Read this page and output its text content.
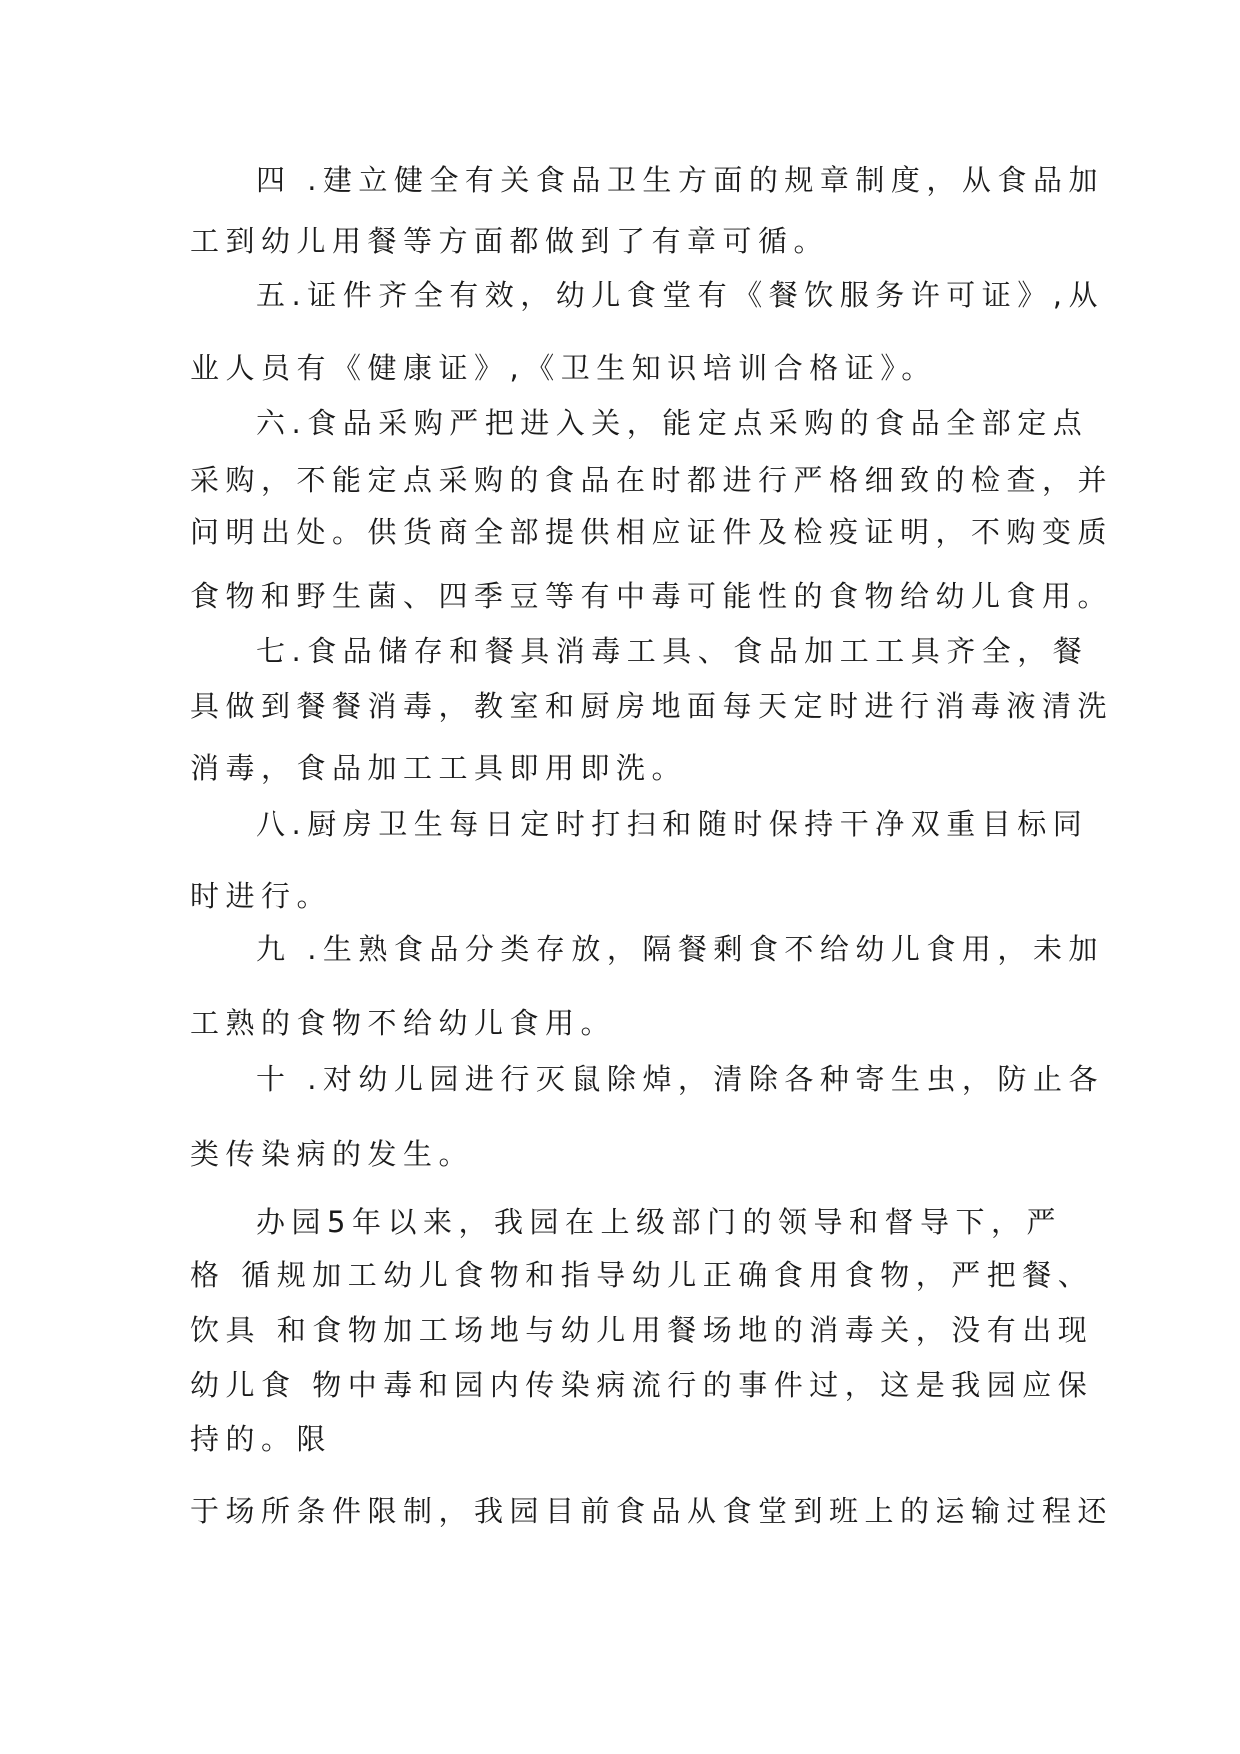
四 .建立健全有关食品卫生方面的规章制度，从食品加
工到幼儿用餐等方面都做到了有章可循。
五.证件齐全有效，幼儿食堂有《餐饮服务许可证》,从
业人员有《健康证》,《卫生知识培训合格证》。
六.食品采购严把进入关，能定点采购的食品全部定点
采购，不能定点采购的食品在时都进行严格细致的检查，并
问明出处。供货商全部提供相应证件及检疫证明，不购变质
食物和野生菌、四季豆等有中毒可能性的食物给幼儿食用。
七.食品储存和餐具消毒工具、食品加工工具齐全，餐
具做到餐餐消毒，教室和厨房地面每天定时进行消毒液清洗
消毒，食品加工工具即用即洗。
八.厨房卫生每日定时打扫和随时保持干净双重目标同
时进行。
九 .生熟食品分类存放，隔餐剩食不给幼儿食用，未加
工熟的食物不给幼儿食用。
十 .对幼儿园进行灭鼠除焯，清除各种寄生虫，防止各
类传染病的发生。
办园5年以来，我园在上级部门的领导和督导下，严
格 循规加工幼儿食物和指导幼儿正确食用食物，严把餐、
饮具 和食物加工场地与幼儿用餐场地的消毒关，没有出现
幼儿食 物中毒和园内传染病流行的事件过，这是我园应保
持的。限
于场所条件限制，我园目前食品从食堂到班上的运输过程还
